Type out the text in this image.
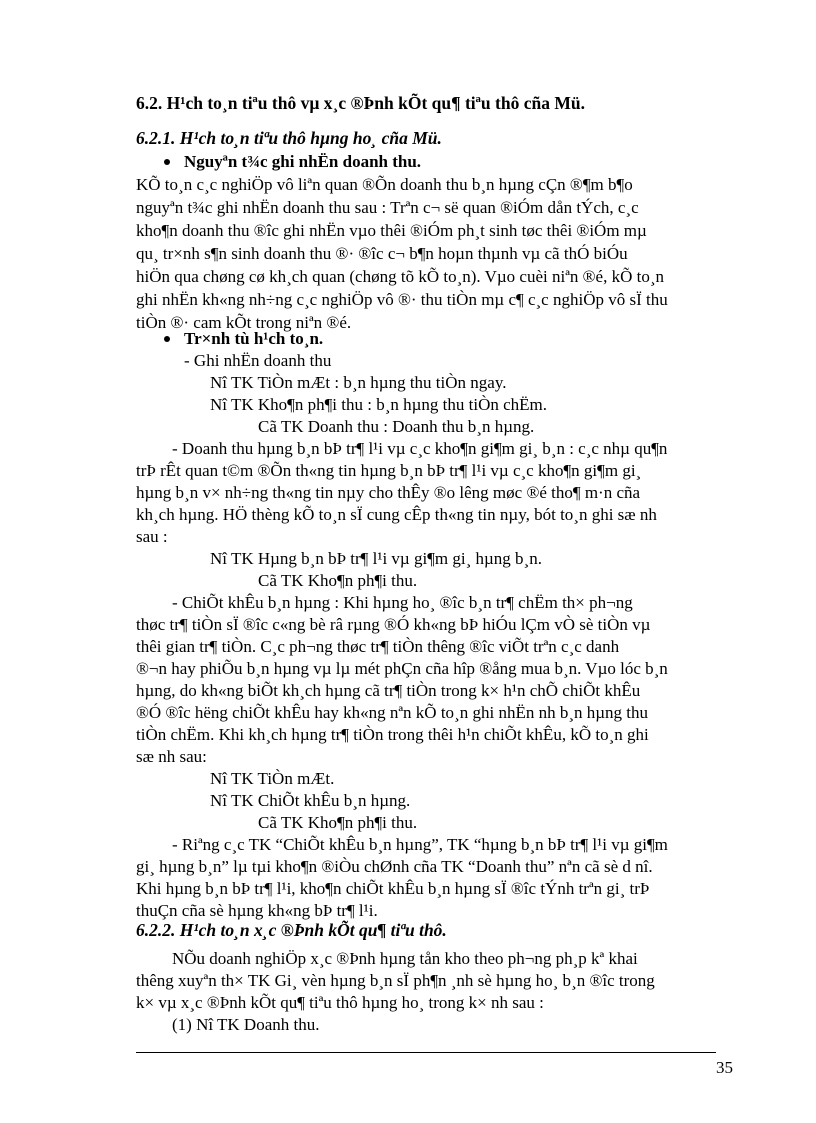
6.2. H¹ch to¸n tiªu thô vµ x¸c ®Þnh kÕt qu¶ tiªu thô cña Mü.
6.2.1. H¹ch to¸n tiªu thô hµng ho¸ cña Mü.
Nguyªn t¾c ghi nhËn doanh thu.
KÕ to¸n c¸c nghiÖp vô liªn quan ®Õn doanh thu b¸n hµng cÇn ®¶m b¶o
nguyªn t¾c ghi nhËn doanh thu sau : Trªn c¬ së quan ®iÓm dån tÝch, c¸c
kho¶n doanh thu ®îc ghi nhËn vµo thêi ®iÓm ph¸t sinh tøc thêi ®iÓm mµ
qu¸ tr×nh s¶n sinh doanh thu ®· ®îc c¬ b¶n hoµn thµnh vµ cã thÓ biÓu
hiÖn qua chøng cø kh¸ch quan (chøng tõ kÕ to¸n). Vµo cuèi niªn ®é, kÕ to¸n
ghi nhËn kh«ng nh÷ng c¸c nghiÖp vô ®· thu tiÒn mµ c¶ c¸c nghiÖp vô sÏ thu
tiÒn ®· cam kÕt trong niªn ®é.
Tr×nh tù h¹ch to¸n.
- Ghi nhËn doanh thu
Nî TK TiÒn mÆt : b¸n hµng thu tiÒn ngay.
Nî TK Kho¶n ph¶i thu : b¸n hµng thu tiÒn chËm.
Cã TK Doanh thu : Doanh thu b¸n hµng.
- Doanh thu hµng b¸n bÞ tr¶ l¹i vµ c¸c kho¶n gi¶m gi¸ b¸n : c¸c nhµ qu¶n
trÞ rÊt quan t©m ®Õn th«ng tin hµng b¸n bÞ tr¶ l¹i vµ c¸c kho¶n gi¶m gi¸
hµng b¸n v× nh÷ng th«ng tin nµy cho thÊy ®o lêng møc ®é tho¶ m·n cña
kh¸ch hµng. HÖ thèng kÕ to¸n sÏ cung cÊp th«ng tin nµy, bót to¸n ghi sæ nh
sau :
Nî TK Hµng b¸n bÞ tr¶ l¹i vµ gi¶m gi¸ hµng b¸n.
Cã TK Kho¶n ph¶i thu.
- ChiÕt khÊu b¸n hµng : Khi hµng ho¸ ®îc b¸n tr¶ chËm th× ph¬ng
thøc tr¶ tiÒn sÏ ®îc c«ng bè râ rµng ®Ó kh«ng bÞ hiÓu lÇm vÒ sè tiÒn vµ
thêi gian tr¶ tiÒn. C¸c ph¬ng thøc tr¶ tiÒn thêng ®îc viÕt trªn c¸c danh
®¬n hay phiÕu b¸n hµng vµ lµ mét phÇn cña hîp ®ång mua b¸n. Vµo lóc b¸n
hµng, do kh«ng biÕt kh¸ch hµng cã tr¶ tiÒn trong k× h¹n chÕ chiÕt khÊu
®Ó ®îc hëng chiÕt khÊu hay kh«ng nªn kÕ to¸n ghi nhËn nh b¸n hµng thu
tiÒn chËm. Khi kh¸ch hµng tr¶ tiÒn trong thêi h¹n chiÕt khÊu, kÕ to¸n ghi
sæ nh sau:
Nî TK TiÒn mÆt.
Nî TK ChiÕt khÊu b¸n hµng.
Cã TK Kho¶n ph¶i thu.
- Riªng c¸c TK “ChiÕt khÊu b¸n hµng”, TK “hµng b¸n bÞ tr¶ l¹i vµ gi¶m
gi¸ hµng b¸n” lµ tµi kho¶n ®iÒu chØnh cña TK “Doanh thu” nªn cã sè d nî.
Khi hµng b¸n bÞ tr¶ l¹i, kho¶n chiÕt khÊu b¸n hµng sÏ ®îc tÝnh trªn gi¸ trÞ
thuÇn cña sè hµng kh«ng bÞ tr¶ l¹i.
6.2.2. H¹ch to¸n x¸c ®Þnh kÕt qu¶ tiªu thô.
NÕu doanh nghiÖp x¸c ®Þnh hµng tån kho theo ph¬ng ph¸p kª khai
thêng xuyªn th× TK Gi¸ vèn hµng b¸n sÏ ph¶n ¸nh sè hµng ho¸ b¸n ®îc trong
k× vµ x¸c ®Þnh kÕt qu¶ tiªu thô hµng ho¸ trong k× nh sau :
(1) Nî TK Doanh thu.
35
